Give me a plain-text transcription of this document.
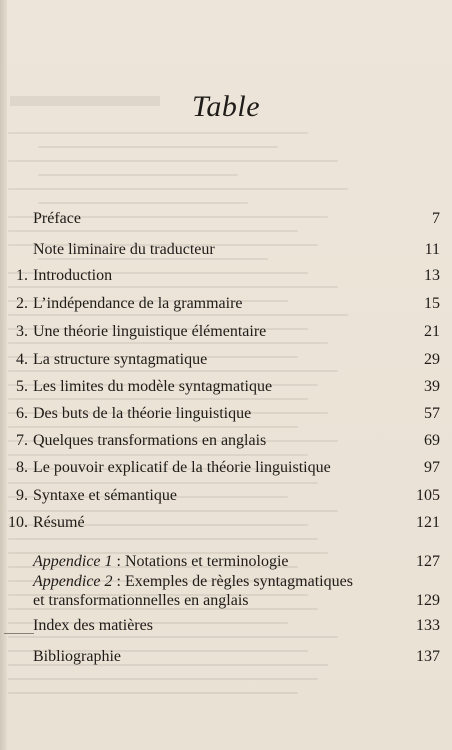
Table
Préface	7
Note liminaire du traducteur	11
1. Introduction	13
2. L’indépendance de la grammaire	15
3. Une théorie linguistique élémentaire	21
4. La structure syntagmatique	29
5. Les limites du modèle syntagmatique	39
6. Des buts de la théorie linguistique	57
7. Quelques transformations en anglais	69
8. Le pouvoir explicatif de la théorie linguistique	97
9. Syntaxe et sémantique	105
10. Résumé	121
Appendice 1 : Notations et terminologie	127
Appendice 2 : Exemples de règles syntagmatiques
et transformationnelles en anglais	129
Index des matières	133
Bibliographie	137
